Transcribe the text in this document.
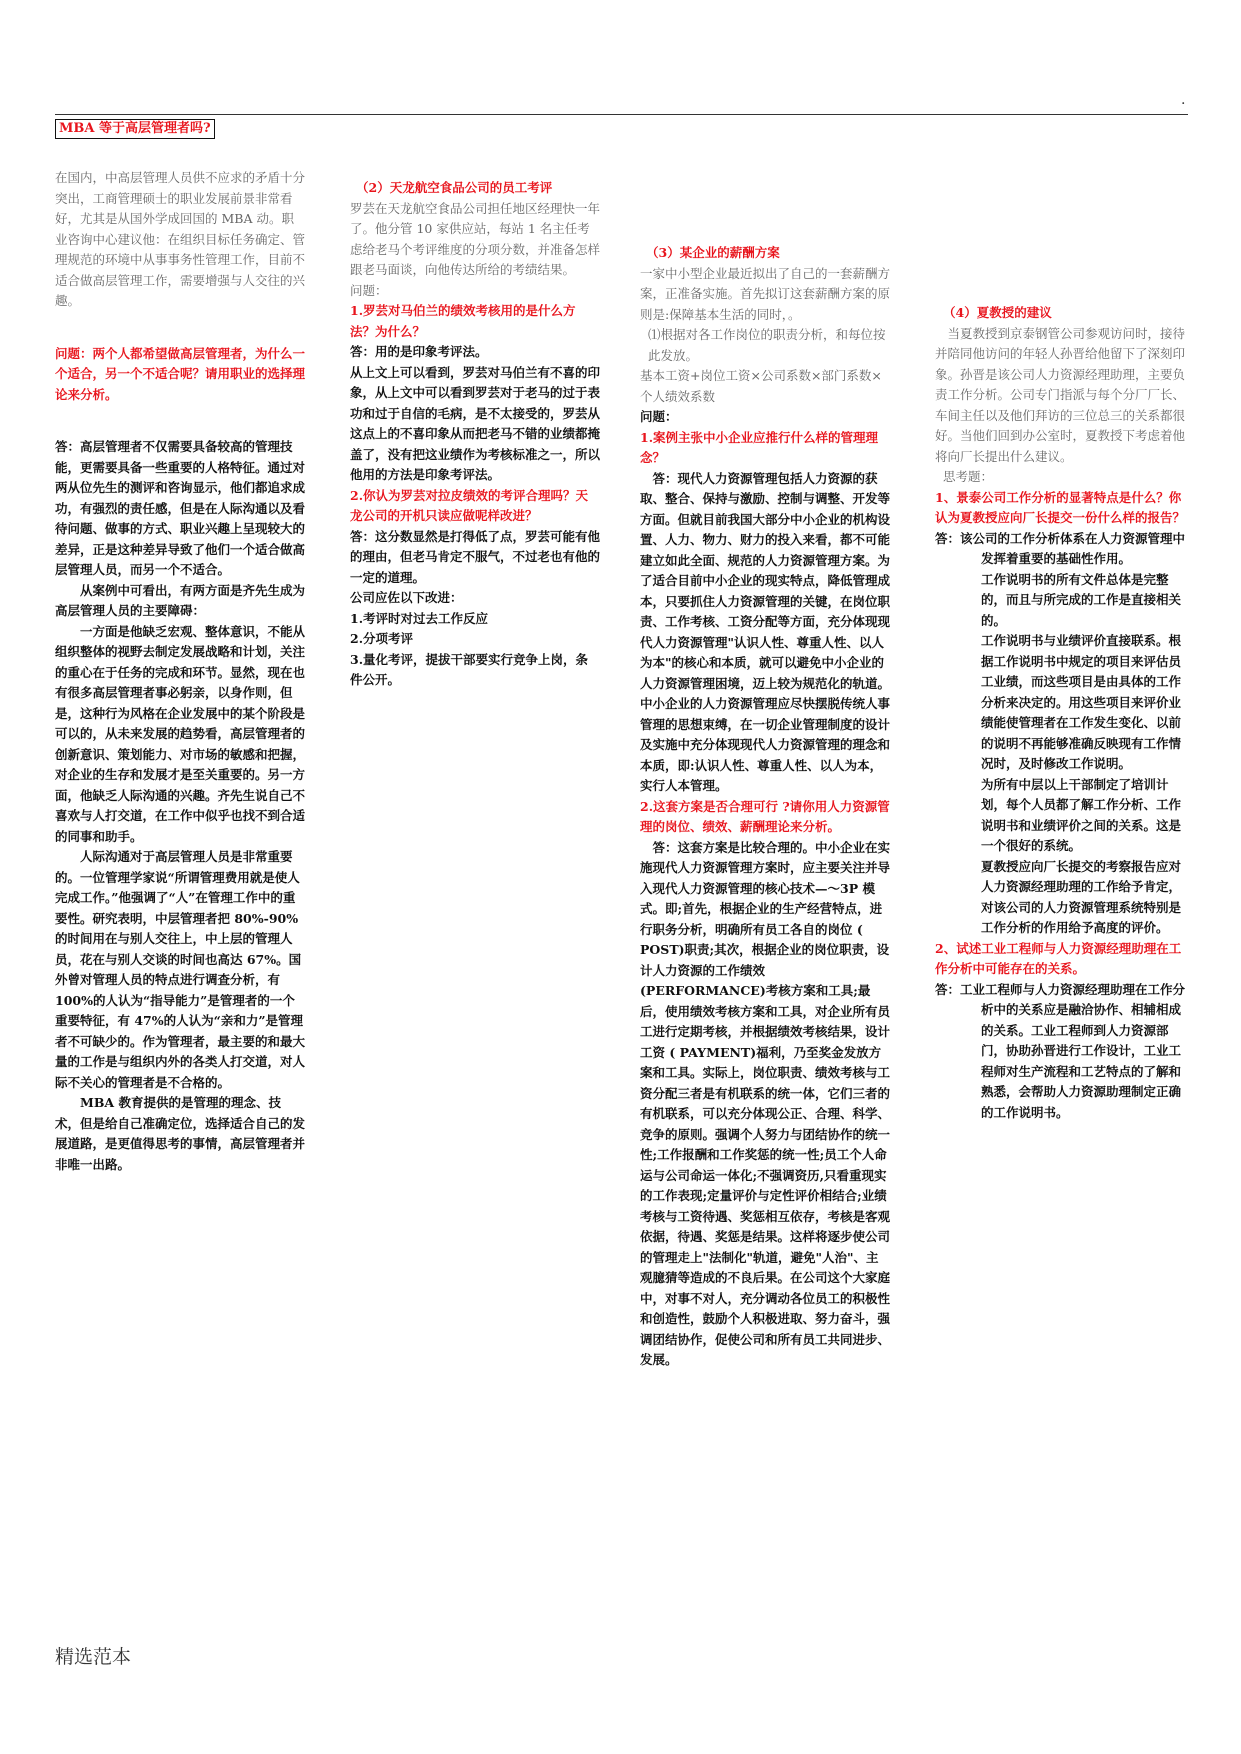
.
MBA 等于高层管理者吗?

在国内，中高层管理人员供不应求的矛盾十分突出，工商管理硕士的职业发展前景非常看好，尤其是从国外学成回国的 MBA 动。职业咨询中心建议他：在组织目标任务确定、管理规范的环境中从事事务性管理工作，目前不适合做高层管理工作，需要增强与人交往的兴趣。

问题：两个人都希望做高层管理者，为什么一个适合，另一个不适合呢？请用职业的选择理论来分析。

答：高层管理者不仅需要具备较高的管理技能，更需要具备一些重要的人格特征。通过对两从位先生的测评和咨询显示，他们都追求成功，有强烈的责任感，但是在人际沟通以及看待问题、做事的方式、职业兴趣上呈现较大的差异，正是这种差异导致了他们一个适合做高层管理人员，而另一个不适合。

从案例中可看出，有两方面是齐先生成为高层管理人员的主要障碍：

一方面是他缺乏宏观、整体意识，不能从组织整体的视野去制定发展战略和计划，关注的重心在于任务的完成和环节。显然，现在也有很多高层管理者事必躬亲，以身作则，但是，这种行为风格在企业发展中的某个阶段是可以的，从未来发展的趋势看，高层管理者的创新意识、策划能力、对市场的敏感和把握，对企业的生存和发展才是至关重要的。另一方面，他缺乏人际沟通的兴趣。齐先生说自己不喜欢与人打交道，在工作中似乎也找不到合适的同事和助手。

人际沟通对于高层管理人员是非常重要的。一位管理学家说“所谓管理费用就是使人完成工作。”他强调了“人”在管理工作中的重要性。研究表明，中层管理者把 80%-90%的时间用在与别人交往上，中上层的管理人员，花在与别人交谈的时间也高达 67%。国外曾对管理人员的特点进行调查分析，有 100%的人认为“指导能力”是管理者的一个重要特征，有 47%的人认为“亲和力”是管理者不可缺少的。作为管理者，最主要的和最大量的工作是与组织内外的各类人打交道，对人际不关心的管理者是不合格的。

MBA 教育提供的是管理的理念、技术，但是给自己准确定位，选择适合自己的发展道路，是更值得思考的事情，高层管理者并非唯一出路。

（2）天龙航空食品公司的员工考评

罗芸在天龙航空食品公司担任地区经理快一年了。他分管 10 家供应站，每站 1 名主任考虑给老马个考评维度的分项分数，并准备怎样跟老马面谈，向他传达所给的考绩结果。

问题：

1.罗芸对马伯兰的绩效考核用的是什么方法？为什么？

答：用的是印象考评法。

从上文上可以看到，罗芸对马伯兰有不喜的印象，从上文中可以看到罗芸对于老马的过于表功和过于自信的毛病，是不太接受的，罗芸从这点上的不喜印象从而把老马不错的业绩都掩盖了，没有把这业绩作为考核标准之一，所以他用的方法是印象考评法。

2.你认为罗芸对拉皮绩效的考评合理吗？天龙公司的开机只读应做呢样改进？

答：这分数显然是打得低了点，罗芸可能有他的理由，但老马肯定不服气，不过老也有他的一定的道理。

公司应佐以下改进：

1.考评时对过去工作反应

2.分项考评

3.量化考评，提拔干部要实行竞争上岗，条件公开。

（3）某企业的薪酬方案

一家中小型企业最近拟出了自己的一套薪酬方案，正准备实施。首先拟订这套薪酬方案的原则是:保障基本生活的同时，。

⑴根据对各工作岗位的职责分析，和每位按此发放。

基本工资+岗位工资×公司系数×部门系数×个人绩效系数

问题：

1.案例主张中小企业应推行什么样的管理理念？

答：现代人力资源管理包括人力资源的获取、整合、保持与激励、控制与调整、开发等方面。但就目前我国大部分中小企业的机构设置、人力、物力、财力的投入来看，都不可能建立如此全面、规范的人力资源管理方案。为了适合目前中小企业的现实特点，降低管理成本，只要抓住人力资源管理的关键，在岗位职责、工作考核、工资分配等方面，充分体现现代人力资源管理"认识人性、尊重人性、以人为本"的核心和本质，就可以避免中小企业的人力资源管理困境，迈上较为规范化的轨道。中小企业的人力资源管理应尽快摆脱传统人事管理的思想束缚，在一切企业管理制度的设计及实施中充分体现现代人力资源管理的理念和本质，即:认识人性、尊重人性、以人为本，实行人本管理。

2.这套方案是否合理可行 ?请你用人力资源管理的岗位、绩效、薪酬理论来分析。

答：这套方案是比较合理的。中小企业在实施现代人力资源管理方案时，应主要关注并导入现代人力资源管理的核心技术—～3P 模式。即;首先，根据企业的生产经营特点，进行职务分析，明确所有员工各自的岗位 ( POST)职责;其次，根据企业的岗位职责，设计人力资源的工作绩效 (PERFORMANCE)考核方案和工具;最后，使用绩效考核方案和工具，对企业所有员工进行定期考核，并根据绩效考核结果，设计工资 ( PAYMENT)福利，乃至奖金发放方案和工具。实际上，岗位职责、绩效考核与工资分配三者是有机联系的统一体，它们三者的有机联系，可以充分体现公正、合理、科学、竞争的原则。强调个人努力与团结协作的统一性;工作报酬和工作奖惩的统一性;员工个人命运与公司命运一体化;不强调资历,只看重现实的工作表现;定量评价与定性评价相结合;业绩考核与工资待遇、奖惩相互依存，考核是客观依据，待遇、奖惩是结果。这样将逐步使公司的管理走上"法制化"轨道，避免"人治"、主观臆猜等造成的不良后果。在公司这个大家庭中，对事不对人，充分调动各位员工的积极性和创造性，鼓励个人积极进取、努力奋斗，强调团结协作，促使公司和所有员工共同进步、发展。

（4）夏教授的建议

当夏教授到京泰钢管公司参观访问时，接待并陪同他访问的年轻人孙晋给他留下了深刻印象。孙晋是该公司人力资源经理助理，主要负责工作分析。公司专门指派与每个分厂厂长、车间主任以及他们拜访的三位总三的关系都很好。当他们回到办公室时，夏教授下考虑着他将向厂长提出什么建议。

思考题：

1、景泰公司工作分析的显著特点是什么？你认为夏教授应向厂长提交一份什么样的报告？

答：该公司的工作分析体系在人力资源管理中发挥着重要的基础性作用。

工作说明书的所有文件总体是完整的，而且与所完成的工作是直接相关的。

工作说明书与业绩评价直接联系。根据工作说明书中规定的项目来评估员工业绩，而这些项目是由具体的工作分析来决定的。用这些项目来评价业绩能使管理者在工作发生变化、以前的说明不再能够准确反映现有工作情况时，及时修改工作说明。

为所有中层以上干部制定了培训计划，每个人员都了解工作分析、工作说明书和业绩评价之间的关系。这是一个很好的系统。

夏教授应向厂长提交的考察报告应对人力资源经理助理的工作给予肯定，对该公司的人力资源管理系统特别是工作分析的作用给予高度的评价。

2、试述工业工程师与人力资源经理助理在工作分析中可能存在的关系。

答：工业工程师与人力资源经理助理在工作分析中的关系应是融洽协作、相辅相成的关系。工业工程师到人力资源部门，协助孙晋进行工作设计，工业工程师对生产流程和工艺特点的了解和熟悉，会帮助人力资源助理制定正确的工作说明书。

精选范本
